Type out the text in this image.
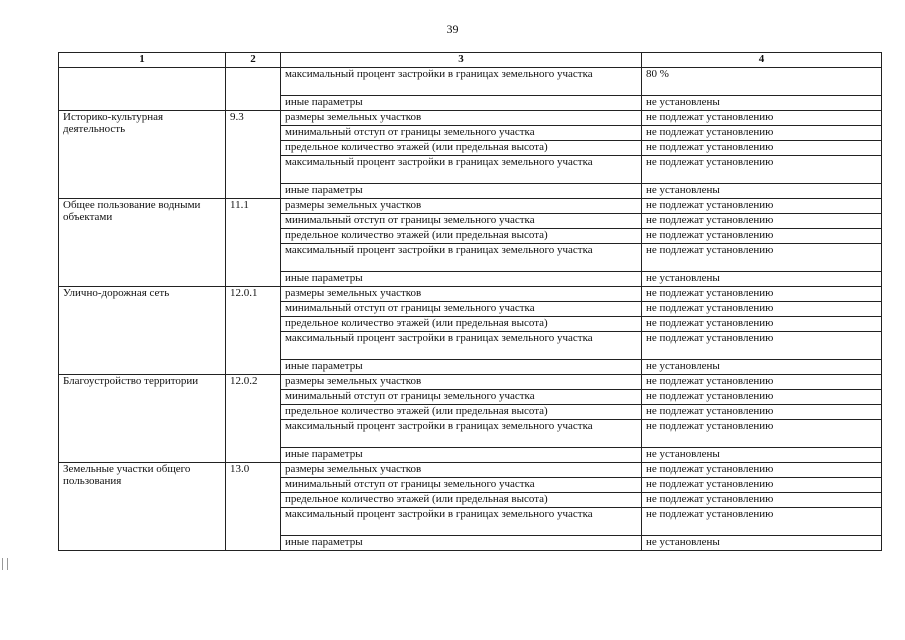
39
1	2	3	4
		максимальный процент застройки в границах земельного участка	80 %
		иные параметры	не установлены
Историко-культурная деятельность	9.3	размеры земельных участков	не подлежат установлению
		минимальный отступ от границы земельного участка	не подлежат установлению
		предельное количество этажей (или предельная высота)	не подлежат установлению
		максимальный процент застройки в границах земельного участка	не подлежат установлению
		иные параметры	не установлены
Общее пользование водными объектами	11.1	размеры земельных участков	не подлежат установлению
		минимальный отступ от границы земельного участка	не подлежат установлению
		предельное количество этажей (или предельная высота)	не подлежат установлению
		максимальный процент застройки в границах земельного участка	не подлежат установлению
		иные параметры	не установлены
Улично-дорожная сеть	12.0.1	размеры земельных участков	не подлежат установлению
		минимальный отступ от границы земельного участка	не подлежат установлению
		предельное количество этажей (или предельная высота)	не подлежат установлению
		максимальный процент застройки в границах земельного участка	не подлежат установлению
		иные параметры	не установлены
Благоустройство территории	12.0.2	размеры земельных участков	не подлежат установлению
		минимальный отступ от границы земельного участка	не подлежат установлению
		предельное количество этажей (или предельная высота)	не подлежат установлению
		максимальный процент застройки в границах земельного участка	не подлежат установлению
		иные параметры	не установлены
Земельные участки общего пользования	13.0	размеры земельных участков	не подлежат установлению
		минимальный отступ от границы земельного участка	не подлежат установлению
		предельное количество этажей (или предельная высота)	не подлежат установлению
		максимальный процент застройки в границах земельного участка	не подлежат установлению
		иные параметры	не установлены
